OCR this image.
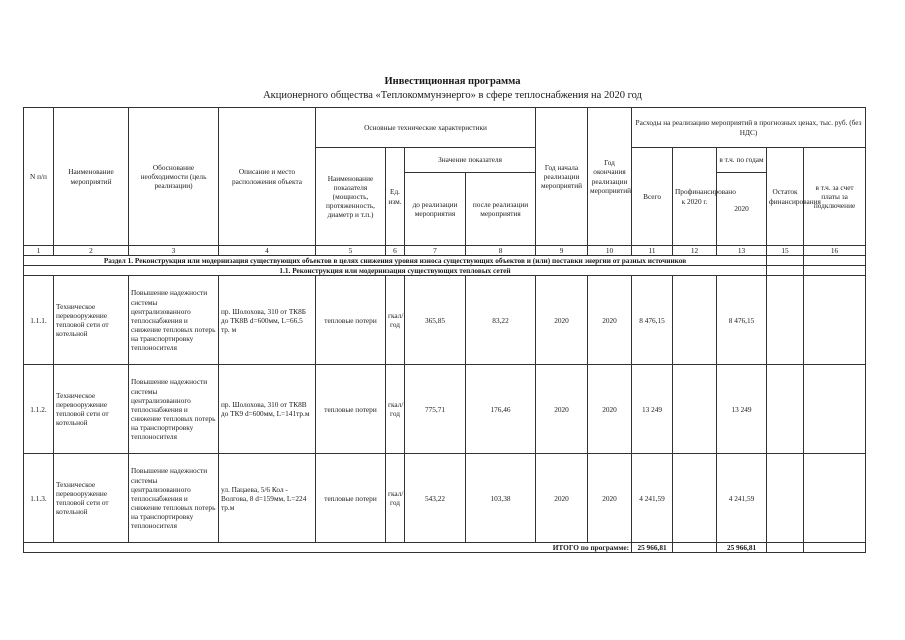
Инвестиционная программа
Акционерного общества «Теплокоммунэнерго» в сфере теплоснабжения на 2020 год
N п/п	Наименование мероприятий	Обоснование необходимости (цель реализации)	Описание и место расположения объекта	Основные технические характеристики				Год начала реализации мероприятий	Год окончания реализации мероприятий	Расходы на реализацию мероприятий в прогнозных ценах, тыс. руб. (без НДС)				
				Наименование показателя (мощность, протяженность, диаметр и т.п.)	Ед. изм.	Значение показателя				Всего	Профинансировано к 2020 г.	в т.ч. по годам	Остаток финансирования	в т.ч. за счет платы за подключение
						до реализации мероприятия	после реализации мероприятия					2020		
1	2	3	4	5	6	7	8	9	10	11	12	13	15	16
Раздел 1. Реконструкция или модернизация существующих объектов в целях снижения уровня износа существующих объектов и (или) поставки энергии от разных источников														
1.1. Реконструкция или модернизация существующих тепловых сетей														
1.1.1.	Техническое перевооружение тепловой сети от котельной	Повышение надежности системы централизованного теплоснабжения и снижение тепловых потерь на транспортировку теплоносителя	пр. Шолохова, 310 от ТК8Б до ТК8В d=600мм, L=66.5 тр. м	тепловые потери	гкал/год	365,85	83,22	2020	2020	8 476,15		8 476,15		
1.1.2.	Техническое перевооружение тепловой сети от котельной	Повышение надежности системы централизованного теплоснабжения и снижение тепловых потерь на транспортировку теплоносителя	пр. Шолохова, 310 от ТК8В до ТК9 d=600мм, L=141тр.м	тепловые потери	гкал/год	775,71	176,46	2020	2020	13 249		13 249		
1.1.3.	Техническое перевооружение тепловой сети от котельной	Повышение надежности системы централизованного теплоснабжения и снижение тепловых потерь на транспортировку теплоносителя	ул. Пацаева, 5/6 Кол - Волгова, 8 d=159мм, L=224 тр.м	тепловые потери	гкал/год	543,22	103,38	2020	2020	4 241,59		4 241,59		
ИТОГО по программе:										25 966,81		25 966,81		
